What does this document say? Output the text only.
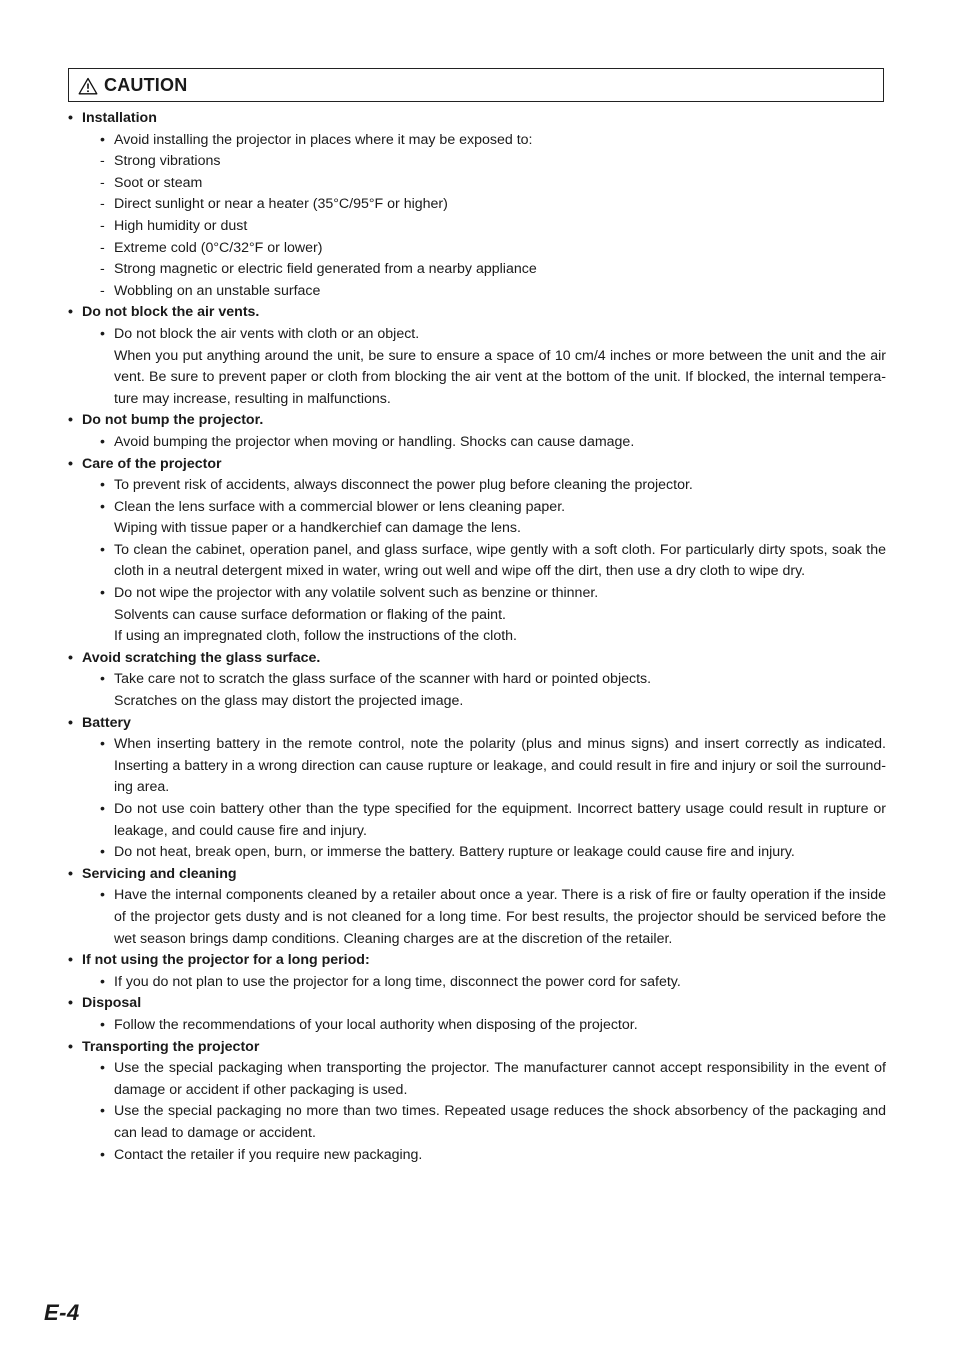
CAUTION
• Installation
• Avoid installing the projector in places where it may be exposed to:
- Strong vibrations
- Soot or steam
- Direct sunlight or near a heater (35°C/95°F or higher)
- High humidity or dust
- Extreme cold (0°C/32°F or lower)
- Strong magnetic or electric field generated from a nearby appliance
- Wobbling on an unstable surface
• Do not block the air vents.
• Do not block the air vents with cloth or an object.
When you put anything around the unit, be sure to ensure a space of 10 cm/4 inches or more between the unit and the air vent. Be sure to prevent paper or cloth from blocking the air vent at the bottom of the unit. If blocked, the internal tempera-ture may increase, resulting in malfunctions.
• Do not bump the projector.
• Avoid bumping the projector when moving or handling. Shocks can cause damage.
• Care of the projector
• To prevent risk of accidents, always disconnect the power plug before cleaning the projector.
• Clean the lens surface with a commercial blower or lens cleaning paper.
Wiping with tissue paper or a handkerchief can damage the lens.
• To clean the cabinet, operation panel, and glass surface, wipe gently with a soft cloth. For particularly dirty spots, soak the cloth in a neutral detergent mixed in water, wring out well and wipe off the dirt, then use a dry cloth to wipe dry.
• Do not wipe the projector with any volatile solvent such as benzine or thinner.
Solvents can cause surface deformation or flaking of the paint.
If using an impregnated cloth, follow the instructions of the cloth.
• Avoid scratching the glass surface.
• Take care not to scratch the glass surface of the scanner with hard or pointed objects.
Scratches on the glass may distort the projected image.
• Battery
• When inserting battery in the remote control, note the polarity (plus and minus signs) and insert correctly as indicated. Inserting a battery in a wrong direction can cause rupture or leakage, and could result in fire and injury or soil the surround-ing area.
• Do not use coin battery other than the type specified for the equipment. Incorrect battery usage could result in rupture or leakage, and could cause fire and injury.
• Do not heat, break open, burn, or immerse the battery. Battery rupture or leakage could cause fire and injury.
• Servicing and cleaning
• Have the internal components cleaned by a retailer about once a year. There is a risk of fire or faulty operation if the inside of the projector gets dusty and is not cleaned for a long time. For best results, the projector should be serviced before the wet season brings damp conditions. Cleaning charges are at the discretion of the retailer.
• If not using the projector for a long period:
• If you do not plan to use the projector for a long time, disconnect the power cord for safety.
• Disposal
• Follow the recommendations of your local authority when disposing of the projector.
• Transporting the projector
• Use the special packaging when transporting the projector. The manufacturer cannot accept responsibility in the event of damage or accident if other packaging is used.
• Use the special packaging no more than two times. Repeated usage reduces the shock absorbency of the packaging and can lead to damage or accident.
• Contact the retailer if you require new packaging.
E-4
